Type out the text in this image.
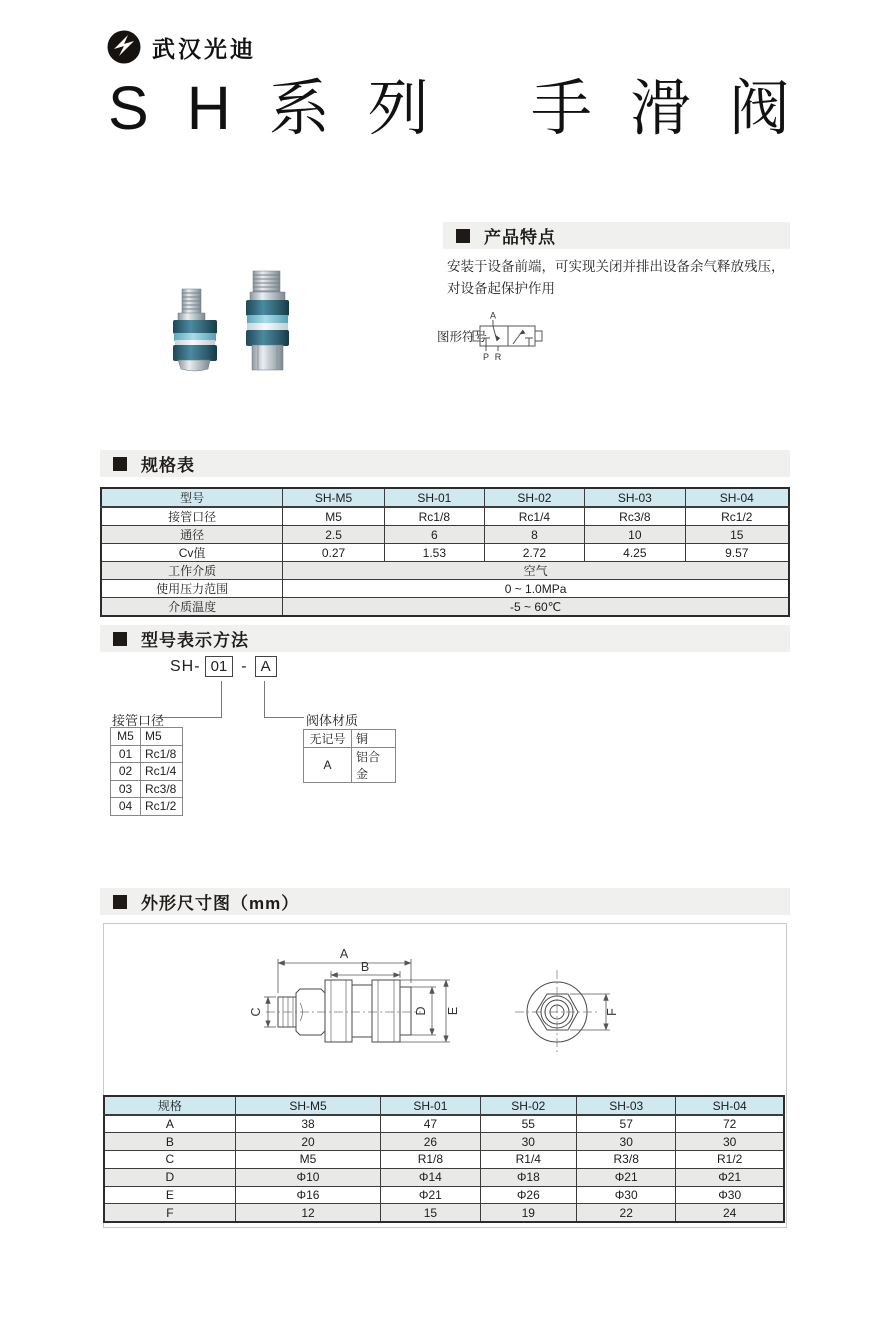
武汉光迪
S H 系 列 手 滑 阀
产品特点
安装于设备前端，可实现关闭并排出设备余气释放残压，
对设备起保护作用
图形符号
A
P R
规格表
型号	SH-M5	SH-01	SH-02	SH-03	SH-04
接管口径	M5	Rc1/8	Rc1/4	Rc3/8	Rc1/2
通径	2.5	6	8	10	15
Cv值	0.27	1.53	2.72	4.25	9.57
工作介质	空气				
使用压力范围	0 ~ 1.0MPa				
介质温度	-5 ~ 60℃				
型号表示方法
SH- 01 - A
接管口径	阀体材质
M5	M5
01	Rc1/8
02	Rc1/4
03	Rc3/8
04	Rc1/2
无记号	铜
A	铝合金
外形尺寸图（mm）
A
B
C	D E	F
规格	SH-M5	SH-01	SH-02	SH-03	SH-04
A	38	47	55	57	72
B	20	26	30	30	30
C	M5	R1/8	R1/4	R3/8	R1/2
D	Φ10	Φ14	Φ18	Φ21	Φ21
E	Φ16	Φ21	Φ26	Φ30	Φ30
F	12	15	19	22	24
